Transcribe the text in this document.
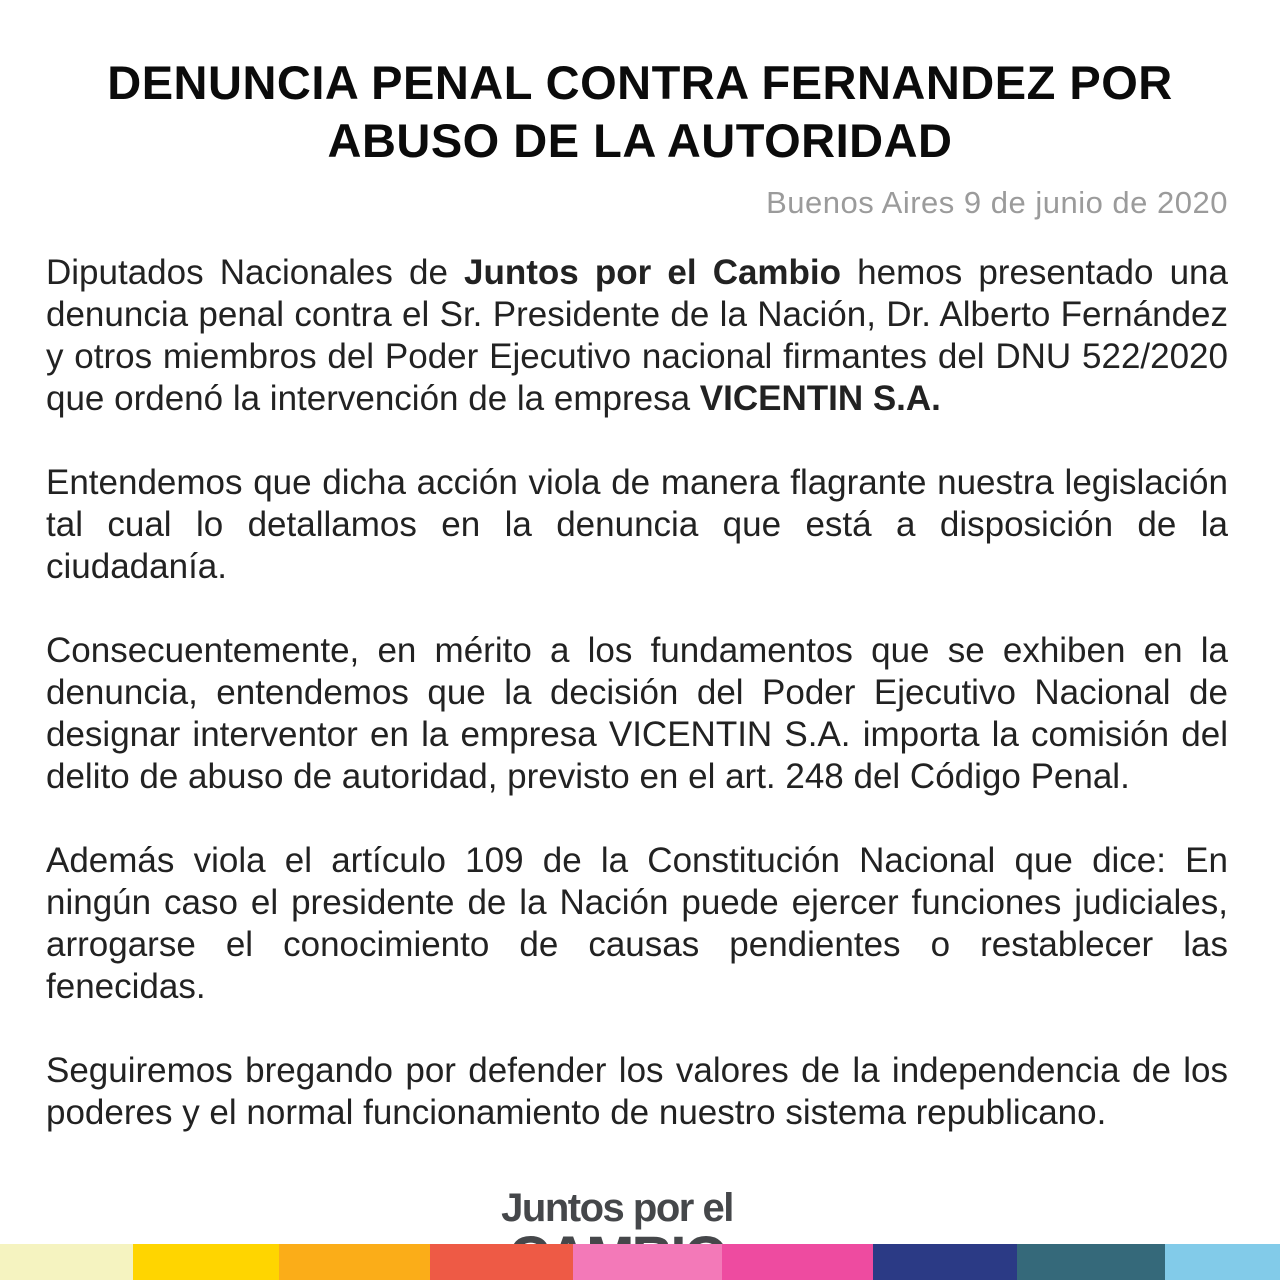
DENUNCIA PENAL CONTRA FERNANDEZ POR
ABUSO DE LA AUTORIDAD
Buenos Aires 9 de junio de 2020

Diputados Nacionales de Juntos por el Cambio hemos presentado una denuncia penal contra el Sr. Presidente de la Nación, Dr. Alberto Fernández y otros miembros del Poder Ejecutivo nacional firmantes del DNU 522/2020 que ordenó la intervención de la empresa VICENTIN S.A.

Entendemos que dicha acción viola de manera flagrante nuestra legislación tal cual lo detallamos en la denuncia que está a disposición de la ciudadanía.

Consecuentemente, en mérito a los fundamentos que se exhiben en la denuncia, entendemos que la decisión del Poder Ejecutivo Nacional de designar interventor en la empresa VICENTIN S.A. importa la comisión del delito de abuso de autoridad, previsto en el art. 248 del Código Penal.

Además viola el artículo 109 de la Constitución Nacional que dice: En ningún caso el presidente de la Nación puede ejercer funciones judiciales, arrogarse el conocimiento de causas pendientes o restablecer las fenecidas.

Seguiremos bregando por defender los valores de la independencia de los poderes y el normal funcionamiento de nuestro sistema republicano.

Juntos por el
